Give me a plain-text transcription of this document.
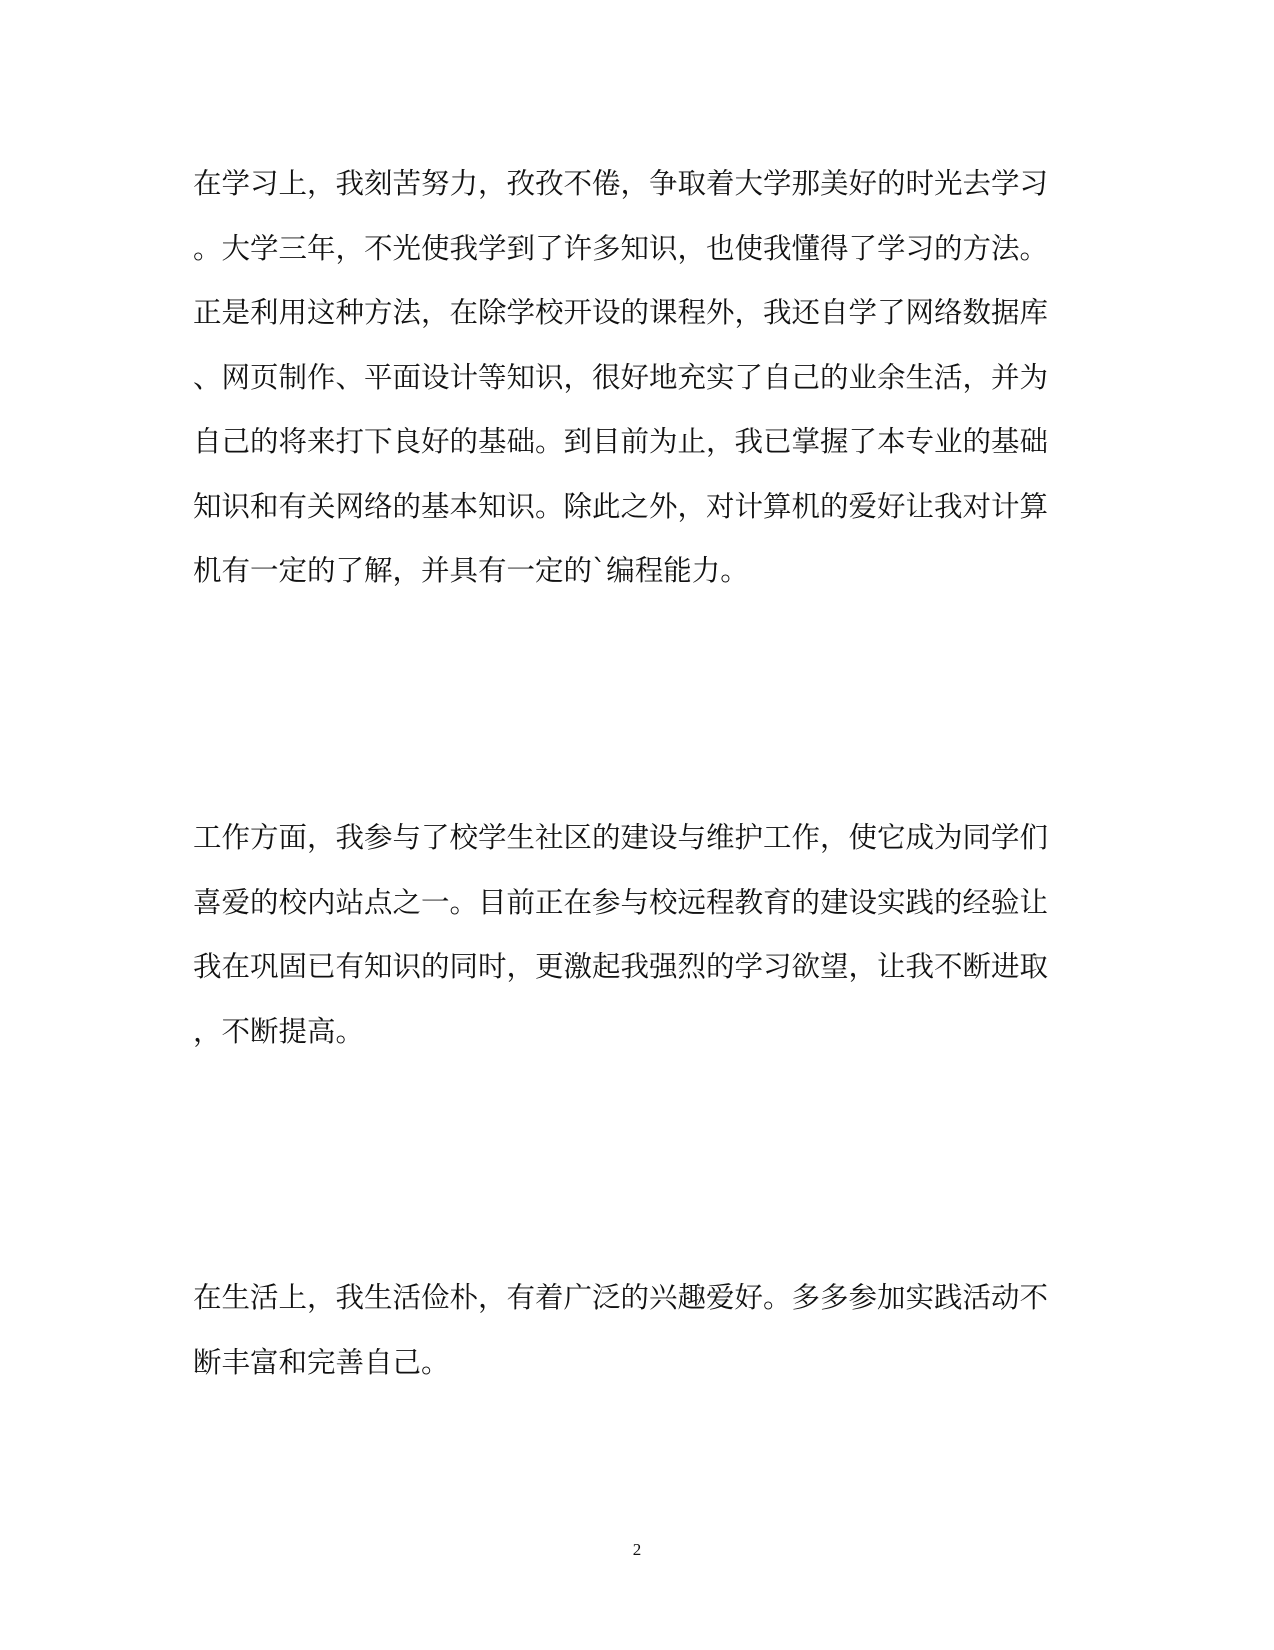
在学习上，我刻苦努力，孜孜不倦，争取着大学那美好的时光去学习
。大学三年，不光使我学到了许多知识，也使我懂得了学习的方法。
正是利用这种方法，在除学校开设的课程外，我还自学了网络数据库
、网页制作、平面设计等知识，很好地充实了自己的业余生活，并为
自己的将来打下良好的基础。到目前为止，我已掌握了本专业的基础
知识和有关网络的基本知识。除此之外，对计算机的爱好让我对计算
机有一定的了解，并具有一定的`编程能力。
工作方面，我参与了校学生社区的建设与维护工作，使它成为同学们
喜爱的校内站点之一。目前正在参与校远程教育的建设实践的经验让
我在巩固已有知识的同时，更激起我强烈的学习欲望，让我不断进取
，不断提高。
在生活上，我生活俭朴，有着广泛的兴趣爱好。多多参加实践活动不
断丰富和完善自己。
2
